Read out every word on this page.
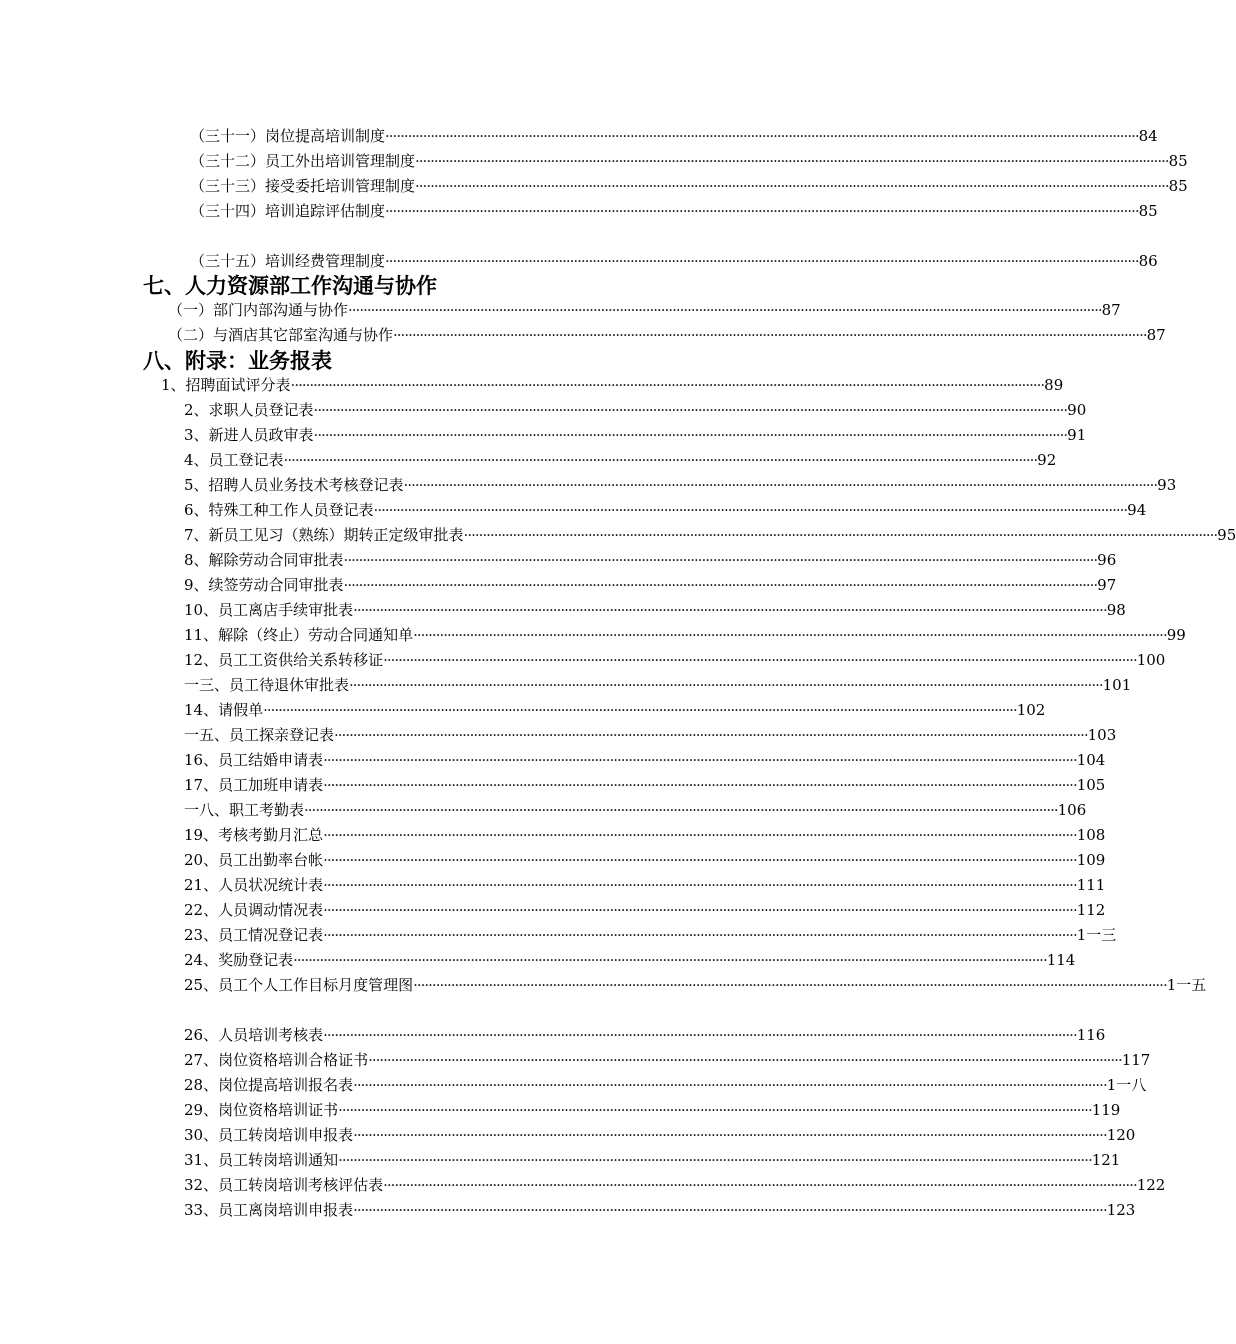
（三十一）岗位提高培训制度 ········································································································································································································ 84
（三十二）员工外出培训管理制度 ········································································································································································································ 85
（三十三）接受委托培训管理制度 ········································································································································································································ 85
（三十四）培训追踪评估制度 ········································································································································································································ 85
（三十五）培训经费管理制度 ········································································································································································································ 86
七、人力资源部工作沟通与协作
（一）部门内部沟通与协作 ········································································································································································································ 87
（二）与酒店其它部室沟通与协作 ········································································································································································································ 87
八、附录：业务报表
1、招聘面试评分表 ········································································································································································································ 89
2、求职人员登记表 ········································································································································································································ 90
3、新进人员政审表 ········································································································································································································ 91
4、员工登记表 ········································································································································································································ 92
5、招聘人员业务技术考核登记表 ········································································································································································································ 93
6、特殊工种工作人员登记表 ········································································································································································································ 94
7、新员工见习（熟练）期转正定级审批表 ········································································································································································································ 95
8、解除劳动合同审批表 ········································································································································································································ 96
9、续签劳动合同审批表 ········································································································································································································ 97
10、员工离店手续审批表 ········································································································································································································ 98
11、解除（终止）劳动合同通知单 ········································································································································································································ 99
12、员工工资供给关系转移证 ········································································································································································································ 100
一三、员工待退休审批表 ········································································································································································································ 101
14、请假单 ········································································································································································································ 102
一五、员工探亲登记表 ········································································································································································································ 103
16、员工结婚申请表 ········································································································································································································ 104
17、员工加班申请表 ········································································································································································································ 105
一八、职工考勤表 ········································································································································································································ 106
19、考核考勤月汇总 ········································································································································································································ 108
20、员工出勤率台帐 ········································································································································································································ 109
21、人员状况统计表 ········································································································································································································ 111
22、人员调动情况表 ········································································································································································································ 112
23、员工情况登记表 ········································································································································································································ 1一三
24、奖励登记表 ········································································································································································································ 114
25、员工个人工作目标月度管理图 ········································································································································································································ 1一五
26、人员培训考核表 ········································································································································································································ 116
27、岗位资格培训合格证书 ········································································································································································································ 117
28、岗位提高培训报名表 ········································································································································································································ 1一八
29、岗位资格培训证书 ········································································································································································································ 119
30、员工转岗培训申报表 ········································································································································································································ 120
31、员工转岗培训通知 ········································································································································································································ 121
32、员工转岗培训考核评估表 ········································································································································································································ 122
33、员工离岗培训申报表 ········································································································································································································ 123
